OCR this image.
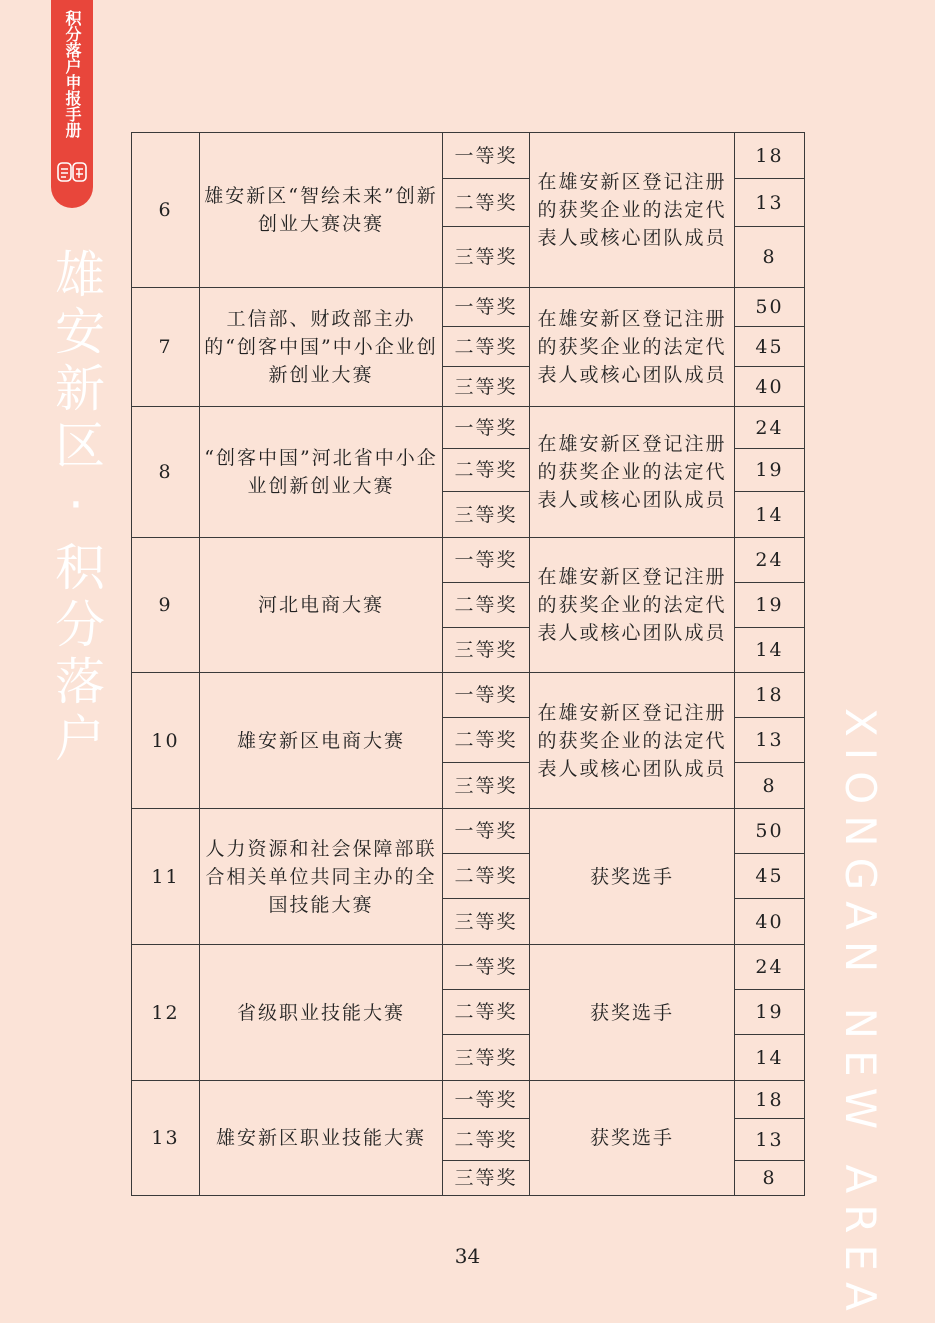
积分落户申报手册
雄安新区·积分落户
XIONGAN NEW AREA
6	雄安新区“智绘未来”创新创业大赛决赛	一等奖	在雄安新区登记注册的获奖企业的法定代表人或核心团队成员	18
		二等奖		13
		三等奖		8
7	工信部、财政部主办的“创客中国”中小企业创新创业大赛	一等奖	在雄安新区登记注册的获奖企业的法定代表人或核心团队成员	50
		二等奖		45
		三等奖		40
8	“创客中国”河北省中小企业创新创业大赛	一等奖	在雄安新区登记注册的获奖企业的法定代表人或核心团队成员	24
		二等奖		19
		三等奖		14
9	河北电商大赛	一等奖	在雄安新区登记注册的获奖企业的法定代表人或核心团队成员	24
		二等奖		19
		三等奖		14
10	雄安新区电商大赛	一等奖	在雄安新区登记注册的获奖企业的法定代表人或核心团队成员	18
		二等奖		13
		三等奖		8
11	人力资源和社会保障部联合相关单位共同主办的全国技能大赛	一等奖	获奖选手	50
		二等奖		45
		三等奖		40
12	省级职业技能大赛	一等奖	获奖选手	24
		二等奖		19
		三等奖		14
13	雄安新区职业技能大赛	一等奖	获奖选手	18
		二等奖		13
		三等奖		8
34
